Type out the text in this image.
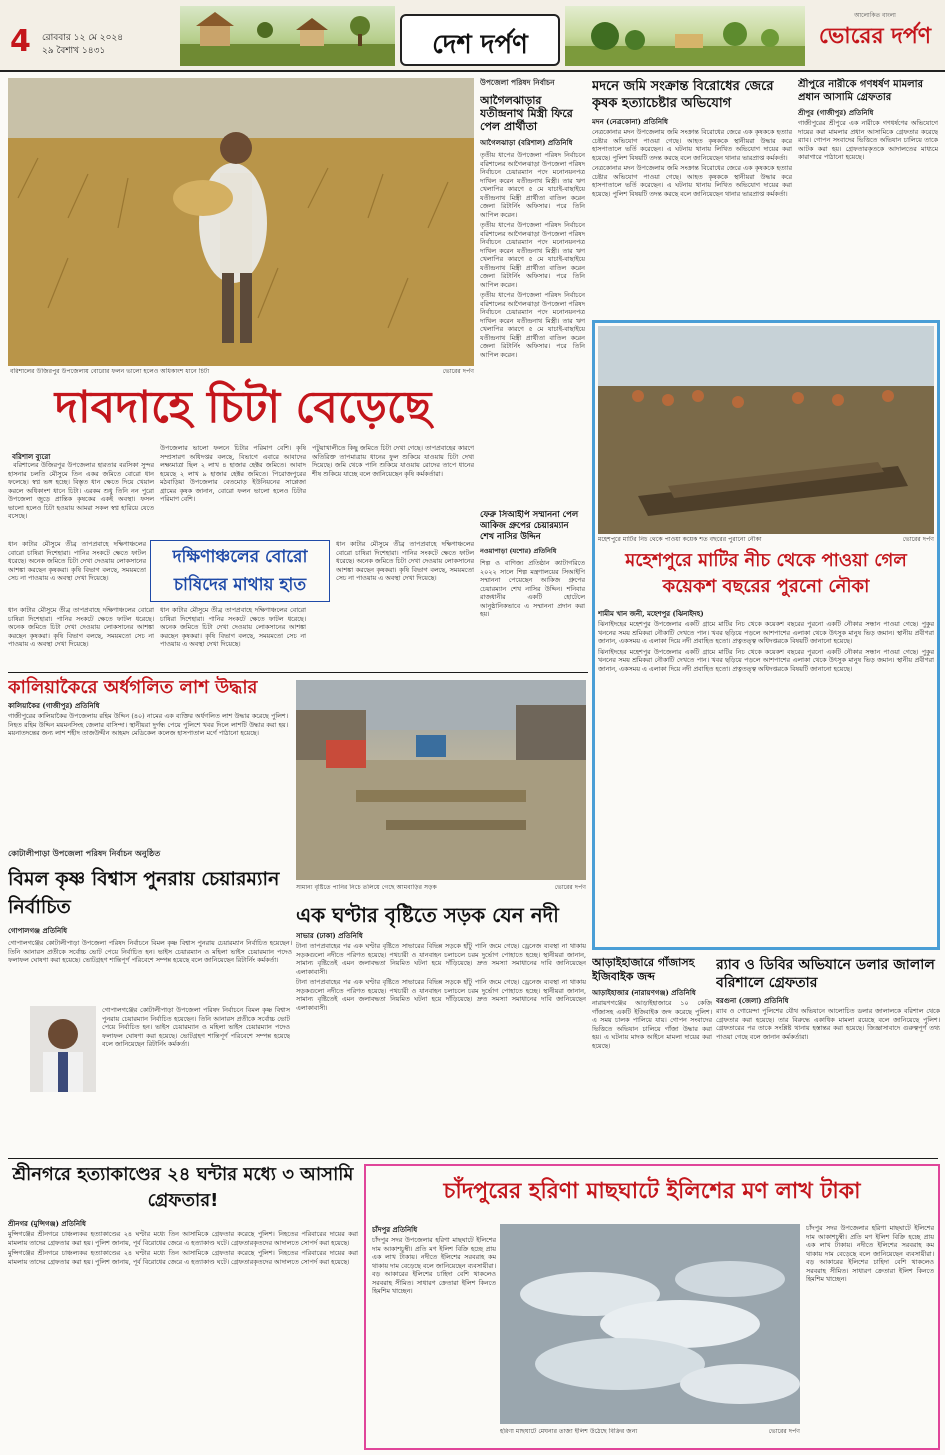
4	রোববার ১২ মে ২০২৪
২৯ বৈশাখ ১৪৩১	দেশ দর্পণ
আলোকিত বাংলা
ভোরের দর্পণ
বরিশালের উজিরপুর উপজেলায় বোরোর ফলন ভালো হলেও অধিকাংশ ধানে চিটা	ভোরের দর্পণ
উপজেলা পরিষদ নির্বাচন
আগৈলঝাড়ার যতীন্দ্রনাথ মিস্ত্রী ফিরে পেল প্রার্থীতা
আগৈলঝাড়া (বরিশাল) প্রতিনিধি
তৃতীয় ধাপের উপজেলা পরিষদ নির্বাচনে বরিশালের আগৈলঝাড়া উপজেলা পরিষদ নির্বাচনে চেয়ারম্যান পদে মনোনয়নপত্র দাখিল করেন যতীন্দ্রনাথ মিস্ত্রী। তার ঋণ খেলাপির কারণে ৫ মে যাচাই-বাছাইয়ে যতীন্দ্রনাথ মিস্ত্রী প্রার্থীতা বাতিল করেন জেলা রিটার্নিং অফিসার। পরে তিনি আপিল করেন।
তৃতীয় ধাপের উপজেলা পরিষদ নির্বাচনে বরিশালের আগৈলঝাড়া উপজেলা পরিষদ নির্বাচনে চেয়ারম্যান পদে মনোনয়নপত্র দাখিল করেন যতীন্দ্রনাথ মিস্ত্রী। তার ঋণ খেলাপির কারণে ৫ মে যাচাই-বাছাইয়ে যতীন্দ্রনাথ মিস্ত্রী প্রার্থীতা বাতিল করেন জেলা রিটার্নিং অফিসার। পরে তিনি আপিল করেন।
তৃতীয় ধাপের উপজেলা পরিষদ নির্বাচনে বরিশালের আগৈলঝাড়া উপজেলা পরিষদ নির্বাচনে চেয়ারম্যান পদে মনোনয়নপত্র দাখিল করেন যতীন্দ্রনাথ মিস্ত্রী। তার ঋণ খেলাপির কারণে ৫ মে যাচাই-বাছাইয়ে যতীন্দ্রনাথ মিস্ত্রী প্রার্থীতা বাতিল করেন জেলা রিটার্নিং অফিসার। পরে তিনি আপিল করেন।
দাবদাহে চিটা বেড়েছে

বরিশাল ব্যুরো
বরিশালের উজিরপুর উপজেলার হারতার বরসিকা সুন্দর হাসনার চলতি মৌসুমে তিন একর জমিতে বোরো ধান ফলেছে। স্বপ্ন ভঙ্গ হচ্ছে। বিস্তৃত ধান ক্ষেতে দিয়ে খেয়াল করলে অধিকাংশ ধানে চিটা। এরকম শুধু তিনি নন পুরো উপজেলা জুড়ে প্রান্তিক কৃষকের একই অবস্থা। ফসল ভালো হলেও চিটা হওয়ায় আমরা সকল স্বপ্ন হারিয়ে যেতে বসেছে।

উপজেলার ভালো ফলনে চিটার পরিমাণ বেশি। কৃষি সম্প্রসারণ অধিদপ্তর বলছে, বিভাগে এবারে আবাদের লক্ষ্যমাত্রা ছিল ২ লাখ ৪ হাজার হেক্টর জমিতে। আবাদ হয়েছে ২ লাখ ৯ হাজার হেক্টর জমিতে। পিরোজপুরের মঠবাড়িয়া উপজেলার বেতমোড় ইউনিয়নের সাপ্লেজা গ্রামের কৃষক জানান, বোরো ফলন ভালো হলেও চিটার পরিমাণ বেশি।
পটুয়াখালীতে কিছু জমিতে চিটা দেখা গেছে। তাপপ্রবাহের কারণে অতিরিক্ত তাপমাত্রায় ধানের ফুল শুকিয়ে যাওয়ায় চিটা দেখা দিয়েছে। জমি থেকে পানি শুকিয়ে যাওয়ায় রোদের তাপে ধানের শীষ শুকিয়ে যাচ্ছে বলে জানিয়েছেন কৃষি কর্মকর্তারা।
দক্ষিণাঞ্চলের বোরো চাষিদের মাথায় হাত
ধান কাটার মৌসুমে তীব্র তাপপ্রবাহে দক্ষিণাঞ্চলের বোরো চাষিরা দিশেহারা। পানির সংকটে ক্ষেতে ফাটল ধরেছে। অনেক জমিতে চিটা দেখা দেওয়ায় লোকসানের আশঙ্কা করছেন কৃষকরা। কৃষি বিভাগ বলছে, সময়মতো সেচ না পাওয়ায় এ অবস্থা দেখা দিয়েছে।
ধান কাটার মৌসুমে তীব্র তাপপ্রবাহে দক্ষিণাঞ্চলের বোরো চাষিরা দিশেহারা। পানির সংকটে ক্ষেতে ফাটল ধরেছে। অনেক জমিতে চিটা দেখা দেওয়ায় লোকসানের আশঙ্কা করছেন কৃষকরা। কৃষি বিভাগ বলছে, সময়মতো সেচ না পাওয়ায় এ অবস্থা দেখা দিয়েছে।
ধান কাটার মৌসুমে তীব্র তাপপ্রবাহে দক্ষিণাঞ্চলের বোরো চাষিরা দিশেহারা। পানির সংকটে ক্ষেতে ফাটল ধরেছে। অনেক জমিতে চিটা দেখা দেওয়ায় লোকসানের আশঙ্কা করছেন কৃষকরা। কৃষি বিভাগ বলছে, সময়মতো সেচ না পাওয়ায় এ অবস্থা দেখা দিয়েছে।
ধান কাটার মৌসুমে তীব্র তাপপ্রবাহে দক্ষিণাঞ্চলের বোরো চাষিরা দিশেহারা। পানির সংকটে ক্ষেতে ফাটল ধরেছে। অনেক জমিতে চিটা দেখা দেওয়ায় লোকসানের আশঙ্কা করছেন কৃষকরা। কৃষি বিভাগ বলছে, সময়মতো সেচ না পাওয়ায় এ অবস্থা দেখা দিয়েছে।
ফেরু সিআইপি সম্মাননা পেল আকিজ গ্রুপের চেয়ারম্যান শেখ নাসির উদ্দিন
নওয়াপাড়া (যশোর) প্রতিনিধি
শিল্প ও বাণিজ্য প্রতিষ্ঠান ক্যাটাগরিতে ২০২২ সালে শিল্প মন্ত্রণালয়ের সিআইপি সম্মাননা পেয়েছেন আকিজ গ্রুপের চেয়ারম্যান শেখ নাসির উদ্দিন। শনিবার রাজধানীর একটি হোটেলে আনুষ্ঠানিকভাবে এ সম্মাননা প্রদান করা হয়।
কালিয়াকৈরে অর্ধগলিত লাশ উদ্ধার
কালিয়াকৈর (গাজীপুর) প্রতিনিধি
গাজীপুরের কালিয়াকৈর উপজেলায় রহিম উদ্দিন (৪০) নামের এক ব্যক্তির অর্ধগলিত লাশ উদ্ধার করেছে পুলিশ। নিহত রহিম উদ্দিন ময়মনসিংহ জেলার বাসিন্দা। স্থানীয়রা দুর্গন্ধ পেয়ে পুলিশে খবর দিলে লাশটি উদ্ধার করা হয়। ময়নাতদন্তের জন্য লাশ শহীদ তাজউদ্দীন আহমদ মেডিকেল কলেজ হাসপাতাল মর্গে পাঠানো হয়েছে।
সামান্য বৃষ্টিতে পানির নিচে তলিয়ে গেছে আমবাড়ির সড়ক	ভোরের দর্পণ
কোটালীপাড়া উপজেলা পরিষদ নির্বাচন অনুষ্ঠিত
বিমল কৃষ্ণ বিশ্বাস পুনরায় চেয়ারম্যান নির্বাচিত
গোপালগঞ্জ প্রতিনিধি
গোপালগঞ্জের কোটালীপাড়া উপজেলা পরিষদ নির্বাচনে বিমল কৃষ্ণ বিশ্বাস পুনরায় চেয়ারম্যান নির্বাচিত হয়েছেন। তিনি আনারস প্রতীকে সর্বোচ্চ ভোট পেয়ে নির্বাচিত হন। ভাইস চেয়ারম্যান ও মহিলা ভাইস চেয়ারম্যান পদেও ফলাফল ঘোষণা করা হয়েছে। ভোটগ্রহণ শান্তিপূর্ণ পরিবেশে সম্পন্ন হয়েছে বলে জানিয়েছেন রিটার্নিং কর্মকর্তা।
গোপালগঞ্জের কোটালীপাড়া উপজেলা পরিষদ নির্বাচনে বিমল কৃষ্ণ বিশ্বাস পুনরায় চেয়ারম্যান নির্বাচিত হয়েছেন। তিনি আনারস প্রতীকে সর্বোচ্চ ভোট পেয়ে নির্বাচিত হন। ভাইস চেয়ারম্যান ও মহিলা ভাইস চেয়ারম্যান পদেও ফলাফল ঘোষণা করা হয়েছে। ভোটগ্রহণ শান্তিপূর্ণ পরিবেশে সম্পন্ন হয়েছে বলে জানিয়েছেন রিটার্নিং কর্মকর্তা।
এক ঘণ্টার বৃষ্টিতে সড়ক যেন নদী
সাভার (ঢাকা) প্রতিনিধি
টানা তাপপ্রবাহের পর এক ঘণ্টার বৃষ্টিতে সাভারের বিভিন্ন সড়কে হাঁটু পানি জমে গেছে। ড্রেনেজ ব্যবস্থা না থাকায় সড়কগুলো নদীতে পরিণত হয়েছে। পথচারী ও যানবাহন চলাচলে চরম দুর্ভোগ পোহাতে হচ্ছে। স্থানীয়রা জানান, সামান্য বৃষ্টিতেই এমন জলাবদ্ধতা নিয়মিত ঘটনা হয়ে দাঁড়িয়েছে। দ্রুত সমস্যা সমাধানের দাবি জানিয়েছেন এলাকাবাসী।
টানা তাপপ্রবাহের পর এক ঘণ্টার বৃষ্টিতে সাভারের বিভিন্ন সড়কে হাঁটু পানি জমে গেছে। ড্রেনেজ ব্যবস্থা না থাকায় সড়কগুলো নদীতে পরিণত হয়েছে। পথচারী ও যানবাহন চলাচলে চরম দুর্ভোগ পোহাতে হচ্ছে। স্থানীয়রা জানান, সামান্য বৃষ্টিতেই এমন জলাবদ্ধতা নিয়মিত ঘটনা হয়ে দাঁড়িয়েছে। দ্রুত সমস্যা সমাধানের দাবি জানিয়েছেন এলাকাবাসী।
মদনে জমি সংক্রান্ত বিরোধের জেরে কৃষক হত্যাচেষ্টার অভিযোগ
মদন (নেত্রকোনা) প্রতিনিধি
নেত্রকোনার মদন উপজেলায় জমি সংক্রান্ত বিরোধের জেরে এক কৃষককে হত্যার চেষ্টার অভিযোগ পাওয়া গেছে। আহত কৃষককে স্থানীয়রা উদ্ধার করে হাসপাতালে ভর্তি করেছেন। এ ঘটনায় থানায় লিখিত অভিযোগ দায়ের করা হয়েছে। পুলিশ বিষয়টি তদন্ত করছে বলে জানিয়েছেন থানার ভারপ্রাপ্ত কর্মকর্তা।
নেত্রকোনার মদন উপজেলায় জমি সংক্রান্ত বিরোধের জেরে এক কৃষককে হত্যার চেষ্টার অভিযোগ পাওয়া গেছে। আহত কৃষককে স্থানীয়রা উদ্ধার করে হাসপাতালে ভর্তি করেছেন। এ ঘটনায় থানায় লিখিত অভিযোগ দায়ের করা হয়েছে। পুলিশ বিষয়টি তদন্ত করছে বলে জানিয়েছেন থানার ভারপ্রাপ্ত কর্মকর্তা।
শ্রীপুরে নারীকে গণধর্ষণ মামলার প্রধান আসামি গ্রেফতার
শ্রীপুর (গাজীপুর) প্রতিনিধি
গাজীপুরের শ্রীপুরে এক নারীকে গণধর্ষণের অভিযোগে দায়ের করা মামলার প্রধান আসামিকে গ্রেফতার করেছে র‍্যাব। গোপন সংবাদের ভিত্তিতে অভিযান চালিয়ে তাকে আটক করা হয়। গ্রেফতারকৃতকে আদালতের মাধ্যমে কারাগারে পাঠানো হয়েছে।
মহেশপুরে মাটির নিচ থেকে পাওয়া কয়েক শত বছরের পুরানো নৌকা	ভোরের দর্পণ
মহেশপুরে মাটির নীচ থেকে পাওয়া গেল কয়েকশ বছরের পুরনো নৌকা
শামীম খান জনী, মহেশপুর (ঝিনাইদহ)
ঝিনাইদহের মহেশপুর উপজেলার একটি গ্রামে মাটির নিচ থেকে কয়েকশ বছরের পুরনো একটি নৌকার সন্ধান পাওয়া গেছে। পুকুর খননের সময় শ্রমিকরা নৌকাটি দেখতে পান। খবর ছড়িয়ে পড়লে আশপাশের এলাকা থেকে উৎসুক মানুষ ভিড় জমান। স্থানীয় প্রবীণরা জানান, একসময় এ এলাকা দিয়ে নদী প্রবাহিত হতো। প্রত্নতত্ত্ব অধিদপ্তরকে বিষয়টি জানানো হয়েছে।
ঝিনাইদহের মহেশপুর উপজেলার একটি গ্রামে মাটির নিচ থেকে কয়েকশ বছরের পুরনো একটি নৌকার সন্ধান পাওয়া গেছে। পুকুর খননের সময় শ্রমিকরা নৌকাটি দেখতে পান। খবর ছড়িয়ে পড়লে আশপাশের এলাকা থেকে উৎসুক মানুষ ভিড় জমান। স্থানীয় প্রবীণরা জানান, একসময় এ এলাকা দিয়ে নদী প্রবাহিত হতো। প্রত্নতত্ত্ব অধিদপ্তরকে বিষয়টি জানানো হয়েছে।
আড়াইহাজারে গাঁজাসহ ইজিবাইক জব্দ
আড়াইহাজার (নারায়ণগঞ্জ) প্রতিনিধি
নারায়ণগঞ্জের আড়াইহাজারে ১০ কেজি গাঁজাসহ একটি ইজিবাইক জব্দ করেছে পুলিশ। এ সময় চালক পালিয়ে যায়। গোপন সংবাদের ভিত্তিতে অভিযান চালিয়ে গাঁজা উদ্ধার করা হয়। এ ঘটনায় মাদক আইনে মামলা দায়ের করা হয়েছে।
র‍্যাব ও ডিবির অভিযানে ডলার জালাল বরিশালে গ্রেফতার
বরগুনা (জেলা) প্রতিনিধি
র‍্যাব ও গোয়েন্দা পুলিশের যৌথ অভিযানে আলোচিত ডলার জালালকে বরিশাল থেকে গ্রেফতার করা হয়েছে। তার বিরুদ্ধে একাধিক মামলা রয়েছে বলে জানিয়েছে পুলিশ। গ্রেফতারের পর তাকে সংশ্লিষ্ট থানায় হস্তান্তর করা হয়েছে। জিজ্ঞাসাবাদে গুরুত্বপূর্ণ তথ্য পাওয়া গেছে বলে জানান কর্মকর্তারা।
শ্রীনগরে হত্যাকাণ্ডের ২৪ ঘন্টার মধ্যে ৩ আসামি গ্রেফতার!
শ্রীনগর (মুন্সিগঞ্জ) প্রতিনিধি
মুন্সিগঞ্জের শ্রীনগরে চাঞ্চল্যকর হত্যাকাণ্ডের ২৪ ঘণ্টার মধ্যে তিন আসামিকে গ্রেফতার করেছে পুলিশ। নিহতের পরিবারের দায়ের করা মামলায় তাদের গ্রেফতার করা হয়। পুলিশ জানায়, পূর্ব বিরোধের জেরে এ হত্যাকাণ্ড ঘটে। গ্রেফতারকৃতদের আদালতে সোপর্দ করা হয়েছে।
মুন্সিগঞ্জের শ্রীনগরে চাঞ্চল্যকর হত্যাকাণ্ডের ২৪ ঘণ্টার মধ্যে তিন আসামিকে গ্রেফতার করেছে পুলিশ। নিহতের পরিবারের দায়ের করা মামলায় তাদের গ্রেফতার করা হয়। পুলিশ জানায়, পূর্ব বিরোধের জেরে এ হত্যাকাণ্ড ঘটে। গ্রেফতারকৃতদের আদালতে সোপর্দ করা হয়েছে।
চাঁদপুরের হরিণা মাছঘাটে ইলিশের মণ লাখ টাকা
চাঁদপুর প্রতিনিধি
চাঁদপুর সদর উপজেলার হরিণা মাছঘাটে ইলিশের দাম আকাশচুম্বী। প্রতি মণ ইলিশ বিক্রি হচ্ছে প্রায় এক লাখ টাকায়। নদীতে ইলিশের সরবরাহ কম থাকায় দাম বেড়েছে বলে জানিয়েছেন ব্যবসায়ীরা। বড় আকারের ইলিশের চাহিদা বেশি থাকলেও সরবরাহ সীমিত। সাধারণ ক্রেতারা ইলিশ কিনতে হিমশিম খাচ্ছেন।
হরিণা মাছঘাটে মেঘনার তাজা ইলিশ উঠেছে বিক্রির জন্য	ভোরের দর্পণ
চাঁদপুর সদর উপজেলার হরিণা মাছঘাটে ইলিশের দাম আকাশচুম্বী। প্রতি মণ ইলিশ বিক্রি হচ্ছে প্রায় এক লাখ টাকায়। নদীতে ইলিশের সরবরাহ কম থাকায় দাম বেড়েছে বলে জানিয়েছেন ব্যবসায়ীরা। বড় আকারের ইলিশের চাহিদা বেশি থাকলেও সরবরাহ সীমিত। সাধারণ ক্রেতারা ইলিশ কিনতে হিমশিম খাচ্ছেন।
